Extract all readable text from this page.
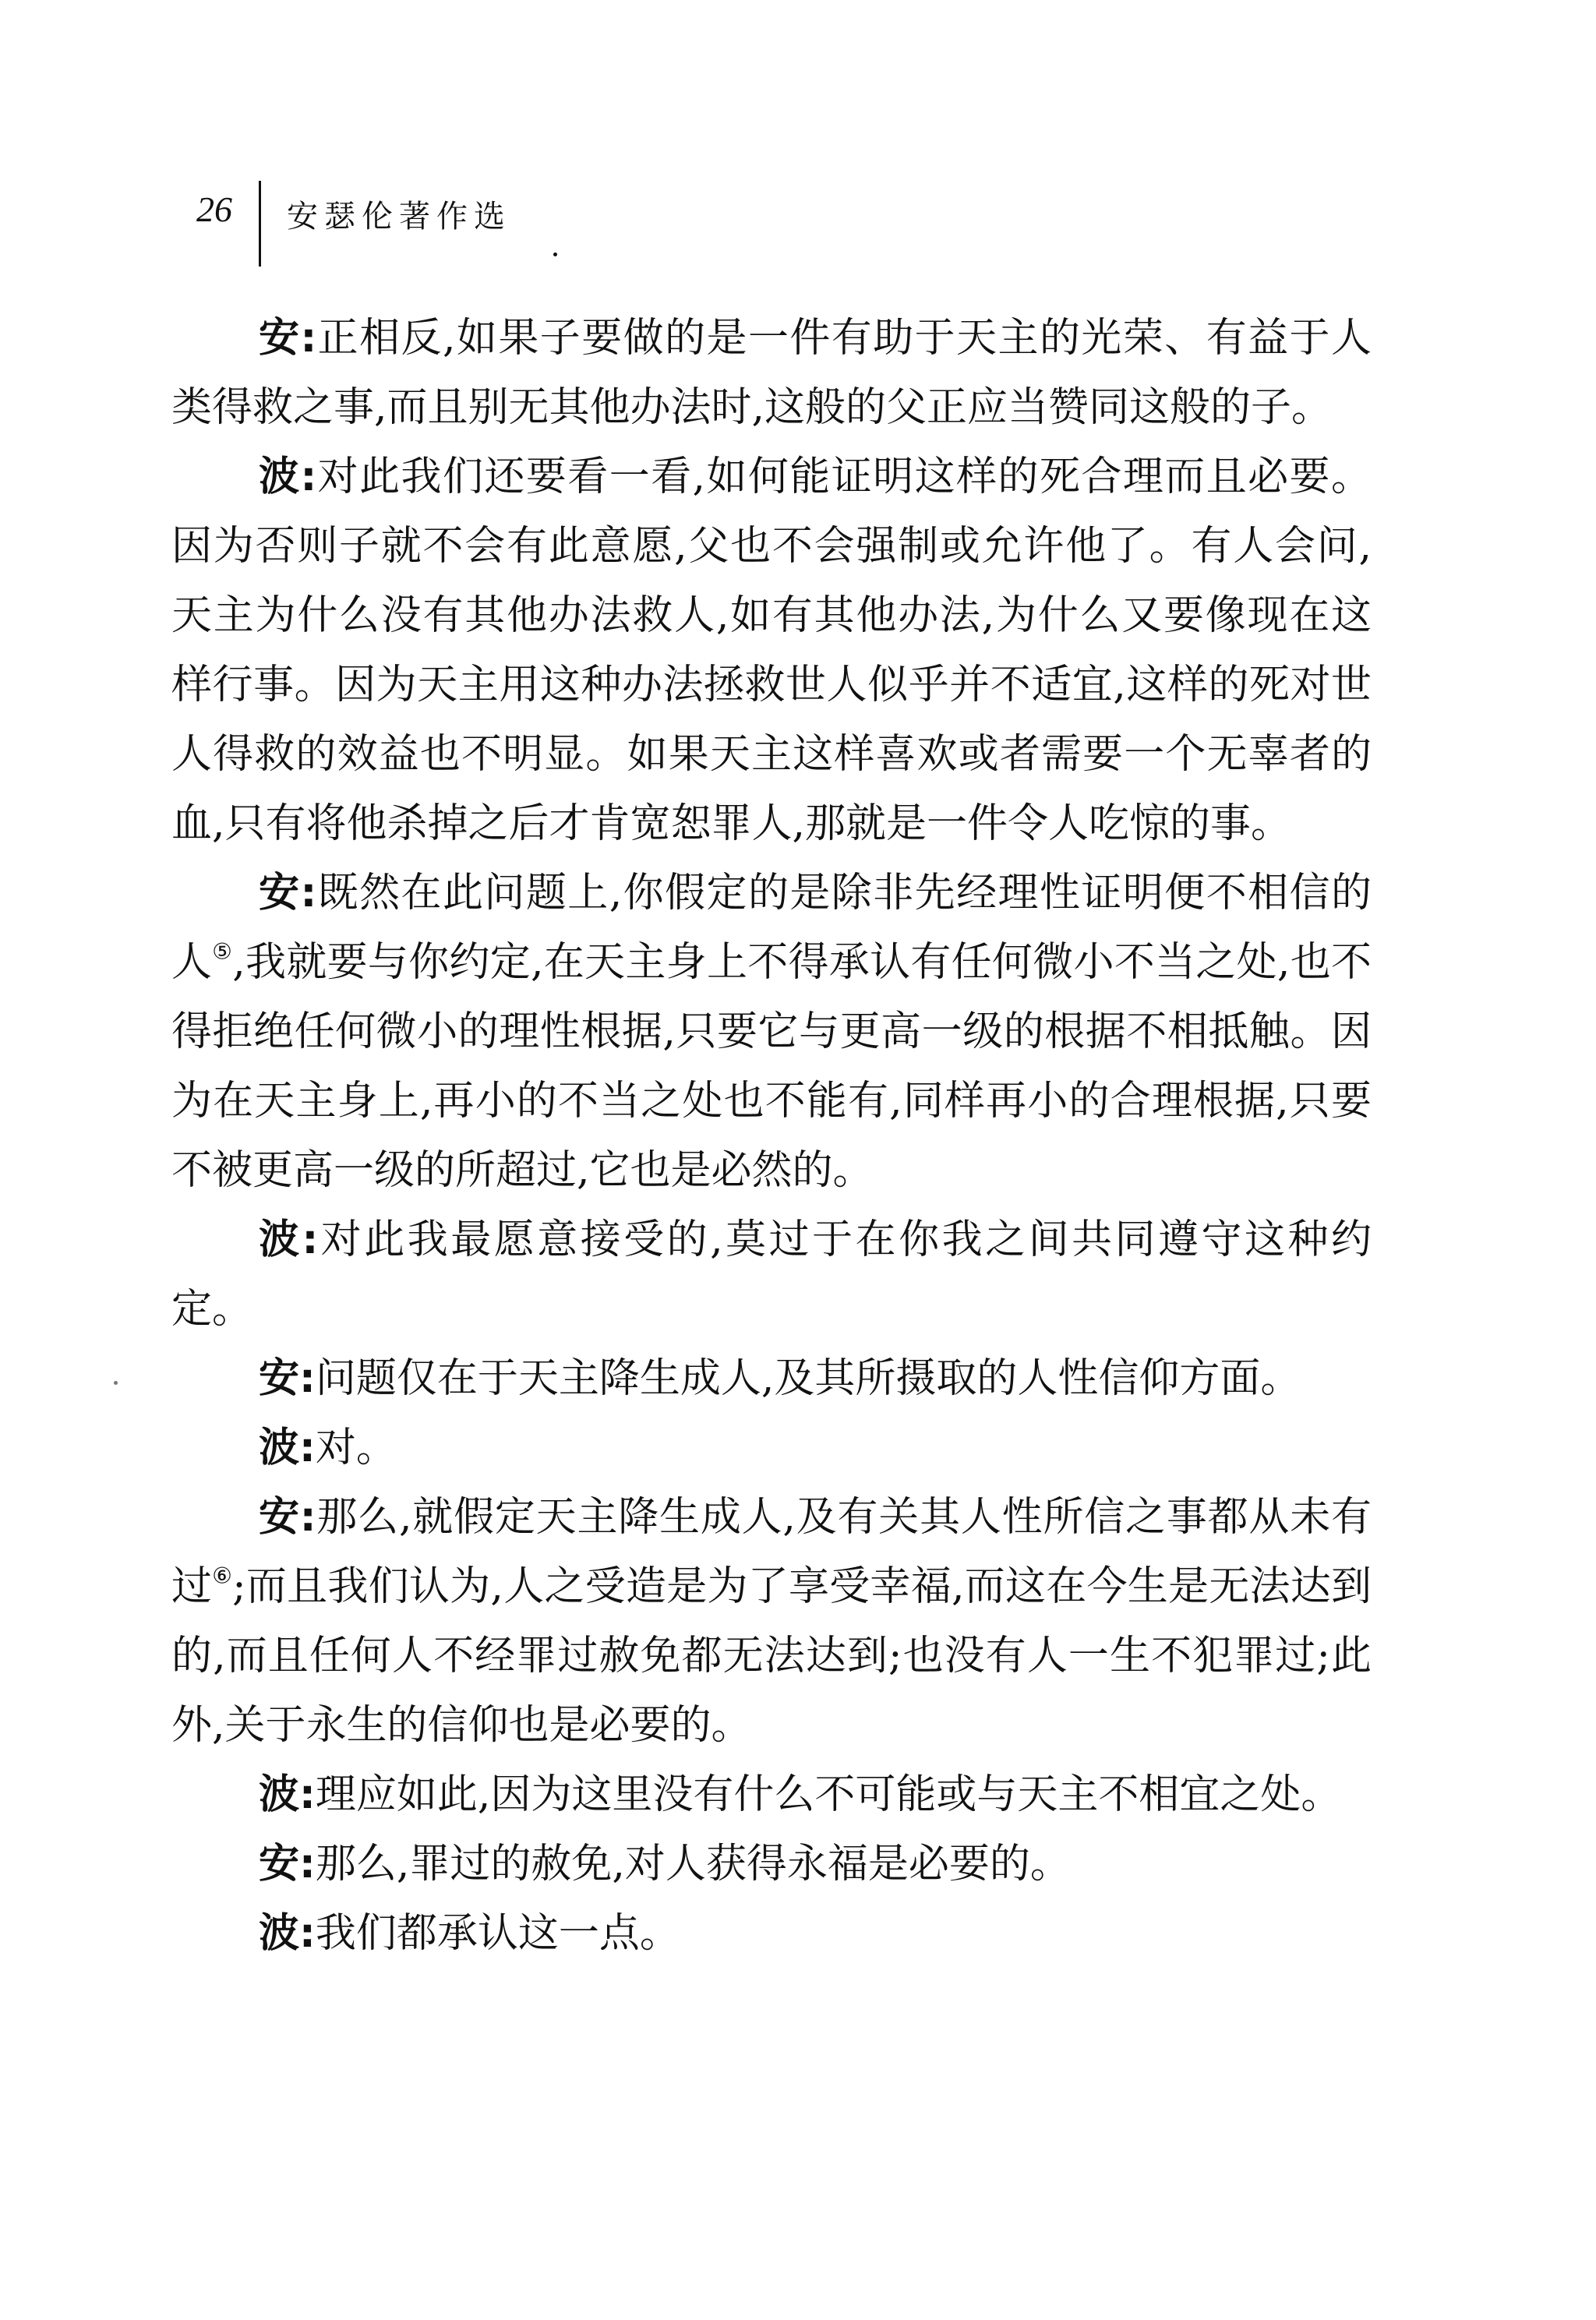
26 安瑟伦著作选

安:正相反,如果子要做的是一件有助于天主的光荣、有益于人类得救之事,而且别无其他办法时,这般的父正应当赞同这般的子。

波:对此我们还要看一看,如何能证明这样的死合理而且必要。因为否则子就不会有此意愿,父也不会强制或允许他了。有人会问,天主为什么没有其他办法救人,如有其他办法,为什么又要像现在这样行事。因为天主用这种办法拯救世人似乎并不适宜,这样的死对世人得救的效益也不明显。如果天主这样喜欢或者需要一个无辜者的血,只有将他杀掉之后才肯宽恕罪人,那就是一件令人吃惊的事。

安:既然在此问题上,你假定的是除非先经理性证明便不相信的人⑤,我就要与你约定,在天主身上不得承认有任何微小不当之处,也不得拒绝任何微小的理性根据,只要它与更高一级的根据不相抵触。因为在天主身上,再小的不当之处也不能有,同样再小的合理根据,只要不被更高一级的所超过,它也是必然的。

波:对此我最愿意接受的,莫过于在你我之间共同遵守这种约定。

安:问题仅在于天主降生成人,及其所摄取的人性信仰方面。

波:对。

安:那么,就假定天主降生成人,及有关其人性所信之事都从未有过⑥;而且我们认为,人之受造是为了享受幸福,而这在今生是无法达到的,而且任何人不经罪过赦免都无法达到;也没有人一生不犯罪过;此外,关于永生的信仰也是必要的。

波:理应如此,因为这里没有什么不可能或与天主不相宜之处。

安:那么,罪过的赦免,对人获得永福是必要的。

波:我们都承认这一点。
